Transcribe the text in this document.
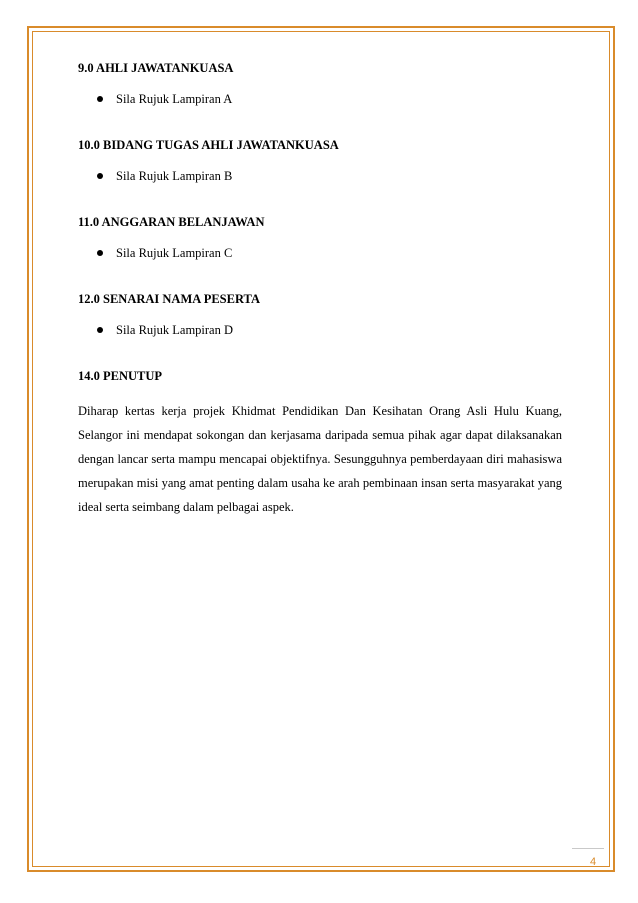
9.0 AHLI JAWATANKUASA
Sila Rujuk Lampiran A
10.0 BIDANG TUGAS AHLI JAWATANKUASA
Sila Rujuk Lampiran B
11.0 ANGGARAN BELANJAWAN
Sila Rujuk Lampiran C
12.0 SENARAI NAMA PESERTA
Sila Rujuk Lampiran D
14.0 PENUTUP

Diharap kertas kerja projek Khidmat Pendidikan Dan Kesihatan Orang Asli Hulu Kuang, Selangor ini mendapat sokongan dan kerjasama daripada semua pihak agar dapat dilaksanakan dengan lancar serta mampu mencapai objektifnya. Sesungguhnya pemberdayaan diri mahasiswa merupakan misi yang amat penting dalam usaha ke arah pembinaan insan serta masyarakat yang ideal serta seimbang dalam pelbagai aspek.

4
